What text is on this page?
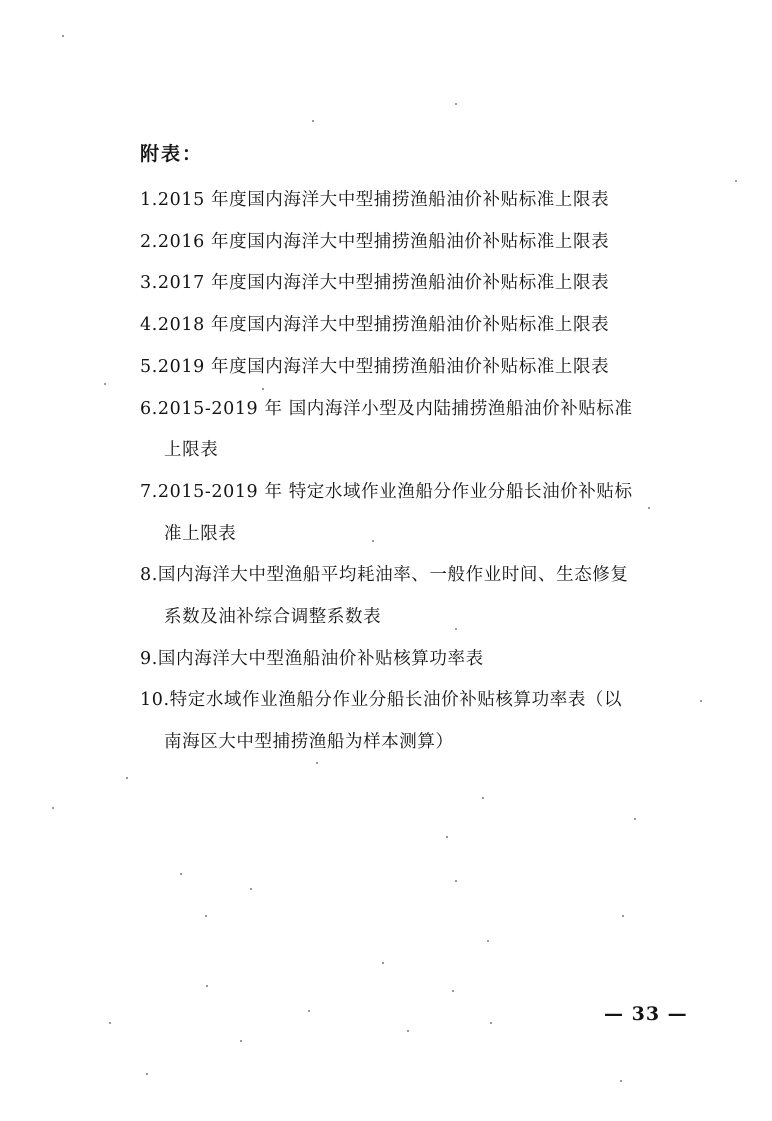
附表：
1.2015 年度国内海洋大中型捕捞渔船油价补贴标准上限表
2.2016 年度国内海洋大中型捕捞渔船油价补贴标准上限表
3.2017 年度国内海洋大中型捕捞渔船油价补贴标准上限表
4.2018 年度国内海洋大中型捕捞渔船油价补贴标准上限表
5.2019 年度国内海洋大中型捕捞渔船油价补贴标准上限表
6.2015-2019 年 国内海洋小型及内陆捕捞渔船油价补贴标准
上限表
7.2015-2019 年 特定水域作业渔船分作业分船长油价补贴标
准上限表
8.国内海洋大中型渔船平均耗油率、一般作业时间、生态修复
系数及油补综合调整系数表
9.国内海洋大中型渔船油价补贴核算功率表
10.特定水域作业渔船分作业分船长油价补贴核算功率表（以
南海区大中型捕捞渔船为样本测算）
— 33 —
